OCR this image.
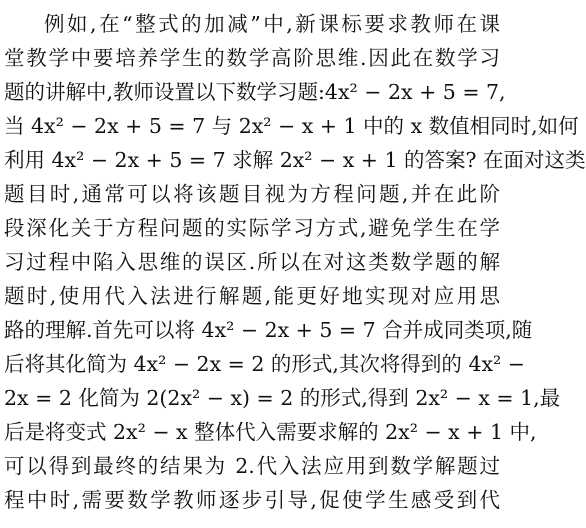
例如,在“整式的加减”中,新课标要求教师在课
堂教学中要培养学生的数学高阶思维.因此在数学习
题的讲解中,教师设置以下数学习题:4x² − 2x + 5 = 7,
当 4x² − 2x + 5 = 7 与 2x² − x + 1 中的 x 数值相同时,如何
利用 4x² − 2x + 5 = 7 求解 2x² − x + 1 的答案? 在面对这类
题目时,通常可以将该题目视为方程问题,并在此阶
段深化关于方程问题的实际学习方式,避免学生在学
习过程中陷入思维的误区.所以在对这类数学题的解
题时,使用代入法进行解题,能更好地实现对应用思
路的理解.首先可以将 4x² − 2x + 5 = 7 合并成同类项,随
后将其化简为 4x² − 2x = 2 的形式,其次将得到的 4x² −
2x = 2 化简为 2(2x² − x) = 2 的形式,得到 2x² − x = 1,最
后是将变式 2x² − x 整体代入需要求解的 2x² − x + 1 中,
可以得到最终的结果为 2.代入法应用到数学解题过
程中时,需要数学教师逐步引导,促使学生感受到代
